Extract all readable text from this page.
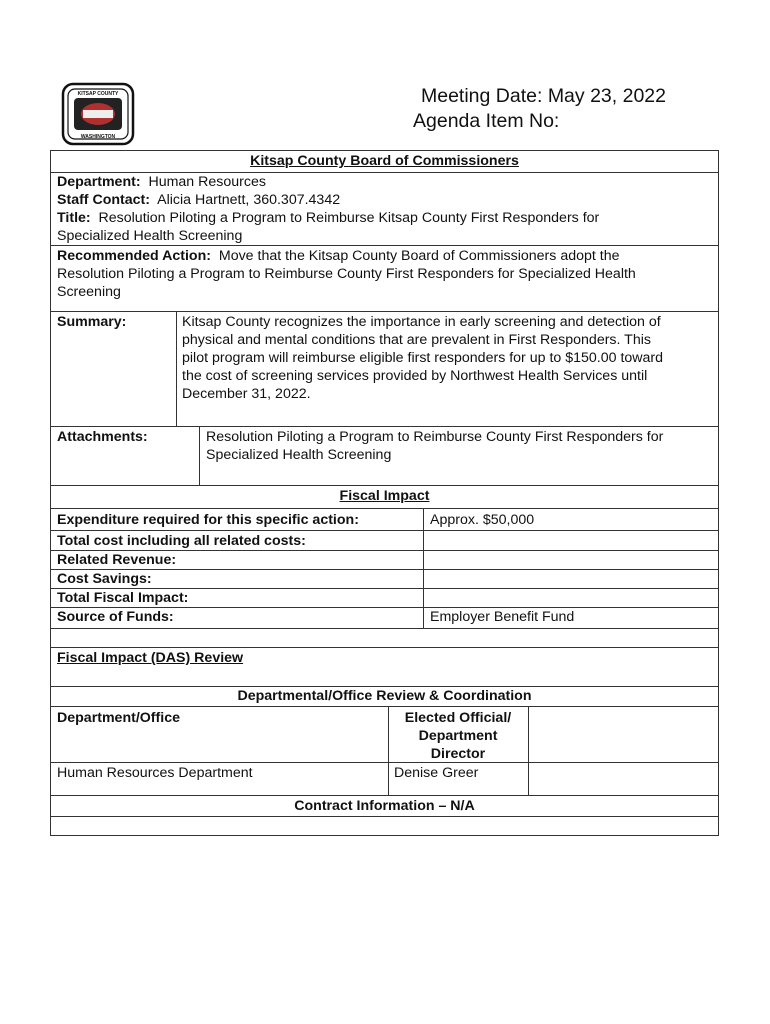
KITSAP COUNTY
WASHINGTON
Meeting Date: May 23, 2022
Agenda Item No:
Kitsap County Board of Commissioners
Department: Human Resources
Staff Contact: Alicia Hartnett, 360.307.4342
Title: Resolution Piloting a Program to Reimburse Kitsap County First Responders for
Specialized Health Screening
Recommended Action: Move that the Kitsap County Board of Commissioners adopt the
Resolution Piloting a Program to Reimburse County First Responders for Specialized Health
Screening
Summary:	Kitsap County recognizes the importance in early screening and detection of
physical and mental conditions that are prevalent in First Responders. This
pilot program will reimburse eligible first responders for up to $150.00 toward
the cost of screening services provided by Northwest Health Services until
December 31, 2022.
Attachments:	Resolution Piloting a Program to Reimburse County First Responders for
Specialized Health Screening
Fiscal Impact
Expenditure required for this specific action:	Approx. $50,000
Total cost including all related costs:
Related Revenue:
Cost Savings:
Total Fiscal Impact:
Source of Funds:	Employer Benefit Fund
Fiscal Impact (DAS) Review
Departmental/Office Review & Coordination
Department/Office	Elected Official/
Department
Director
Human Resources Department	Denise Greer
Contract Information – N/A
